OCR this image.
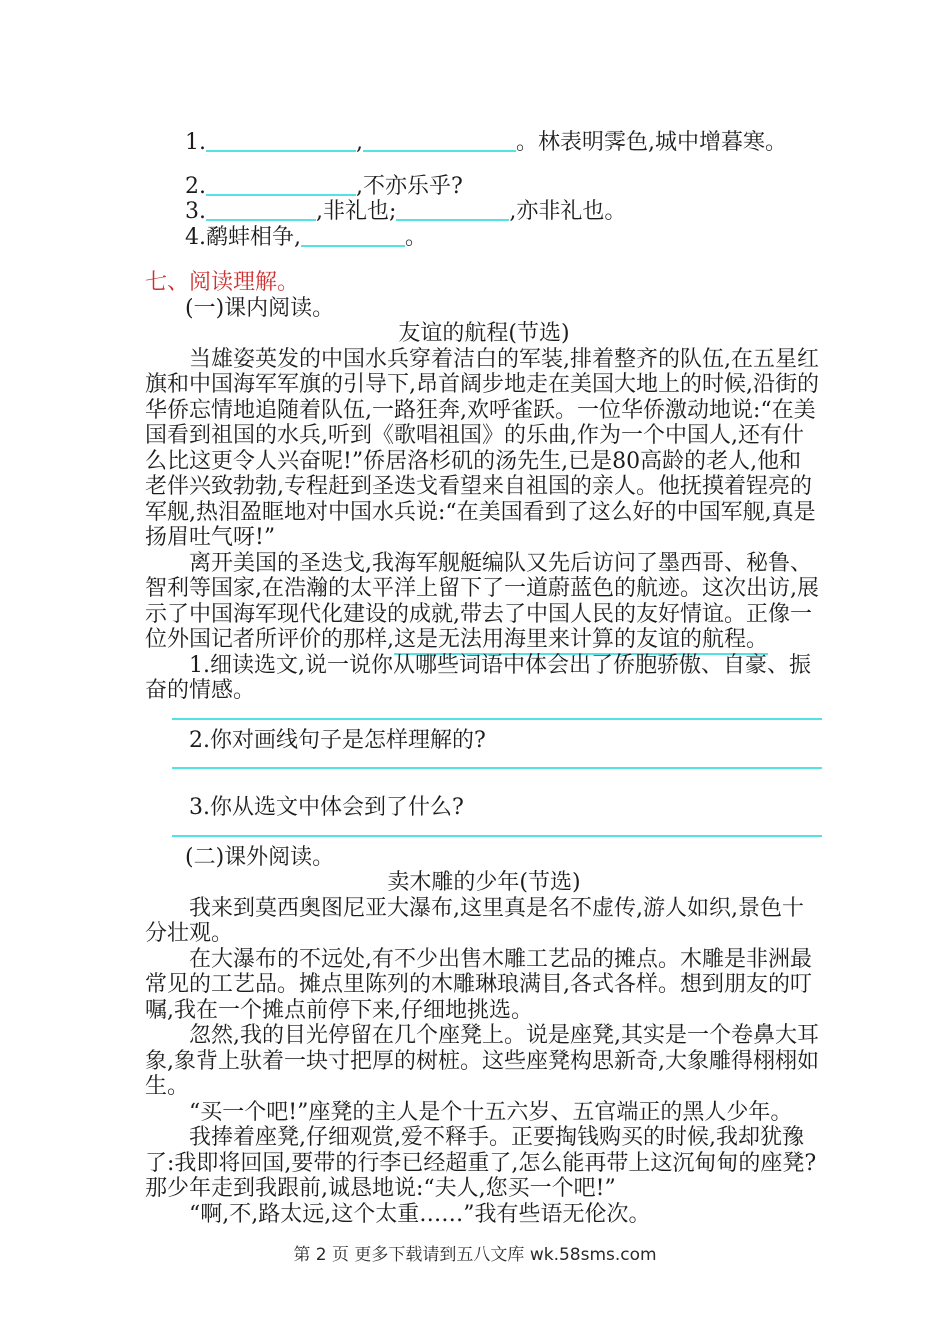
1.	,	。林表明霁色,城中增暮寒。
2.	,不亦乐乎?
3.	,非礼也;	,亦非礼也。
4.鹬蚌相争,	。
七、阅读理解。
(一)课内阅读。
友谊的航程(节选)

当雄姿英发的中国水兵穿着洁白的军装,排着整齐的队伍,在五星红旗和中国海军军旗的引导下,昂首阔步地走在美国大地上的时候,沿街的华侨忘情地追随着队伍,一路狂奔,欢呼雀跃。一位华侨激动地说:“在美国看到祖国的水兵,听到《歌唱祖国》的乐曲,作为一个中国人,还有什么比这更令人兴奋呢!”侨居洛杉矶的汤先生,已是80高龄的老人,他和老伴兴致勃勃,专程赶到圣迭戈看望来自祖国的亲人。他抚摸着锃亮的军舰,热泪盈眶地对中国水兵说:“在美国看到了这么好的中国军舰,真是扬眉吐气呀!”

离开美国的圣迭戈,我海军舰艇编队又先后访问了墨西哥、秘鲁、智利等国家,在浩瀚的太平洋上留下了一道蔚蓝色的航迹。这次出访,展示了中国海军现代化建设的成就,带去了中国人民的友好情谊。正像一位外国记者所评价的那样,这是无法用海里来计算的友谊的航程。

1.细读选文,说一说你从哪些词语中体会出了侨胞骄傲、自豪、振奋的情感。

2.你对画线句子是怎样理解的?

3.你从选文中体会到了什么?

(二)课外阅读。
卖木雕的少年(节选)

我来到莫西奥图尼亚大瀑布,这里真是名不虚传,游人如织,景色十分壮观。

在大瀑布的不远处,有不少出售木雕工艺品的摊点。木雕是非洲最常见的工艺品。摊点里陈列的木雕琳琅满目,各式各样。想到朋友的叮嘱,我在一个摊点前停下来,仔细地挑选。

忽然,我的目光停留在几个座凳上。说是座凳,其实是一个卷鼻大耳象,象背上驮着一块寸把厚的树桩。这些座凳构思新奇,大象雕得栩栩如生。

“买一个吧!”座凳的主人是个十五六岁、五官端正的黑人少年。

我捧着座凳,仔细观赏,爱不释手。正要掏钱购买的时候,我却犹豫了:我即将回国,要带的行李已经超重了,怎么能再带上这沉甸甸的座凳?那少年走到我跟前,诚恳地说:“夫人,您买一个吧!”

“啊,不,路太远,这个太重……”我有些语无伦次。

第 2 页 更多下载请到五八文库 wk.58sms.com
